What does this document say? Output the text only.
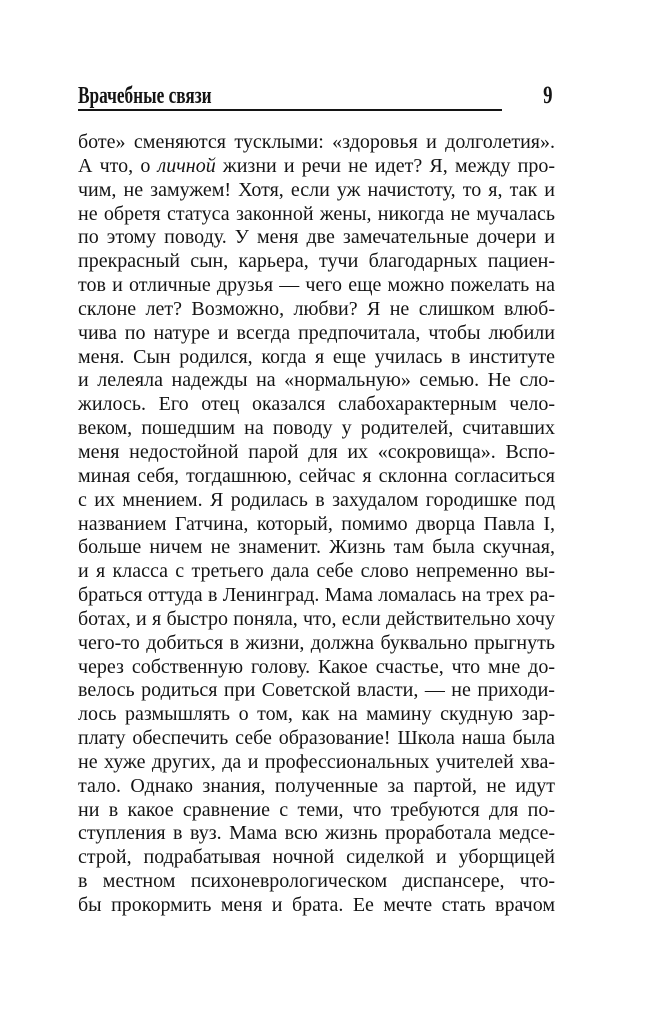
Врачебные связи	9
боте» сменяются тусклыми: «здоровья и долголетия».
А что, о личной жизни и речи не идет? Я, между про-
чим, не замужем! Хотя, если уж начистоту, то я, так и
не обретя статуса законной жены, никогда не мучалась
по этому поводу. У меня две замечательные дочери и
прекрасный сын, карьера, тучи благодарных пациен-
тов и отличные друзья — чего еще можно пожелать на
склоне лет? Возможно, любви? Я не слишком влюб-
чива по натуре и всегда предпочитала, чтобы любили
меня. Сын родился, когда я еще училась в институте
и лелеяла надежды на «нормальную» семью. Не сло-
жилось. Его отец оказался слабохарактерным чело-
веком, пошедшим на поводу у родителей, считавших
меня недостойной парой для их «сокровища». Вспо-
миная себя, тогдашнюю, сейчас я склонна согласиться
с их мнением. Я родилась в захудалом городишке под
названием Гатчина, который, помимо дворца Павла I,
больше ничем не знаменит. Жизнь там была скучная,
и я класса с третьего дала себе слово непременно вы-
браться оттуда в Ленинград. Мама ломалась на трех ра-
ботах, и я быстро поняла, что, если действительно хочу
чего-то добиться в жизни, должна буквально прыгнуть
через собственную голову. Какое счастье, что мне до-
велось родиться при Советской власти, — не приходи-
лось размышлять о том, как на мамину скудную зар-
плату обеспечить себе образование! Школа наша была
не хуже других, да и профессиональных учителей хва-
тало. Однако знания, полученные за партой, не идут
ни в какое сравнение с теми, что требуются для по-
ступления в вуз. Мама всю жизнь проработала медсе-
строй, подрабатывая ночной сиделкой и уборщицей
в местном психоневрологическом диспансере, что-
бы прокормить меня и брата. Ее мечте стать врачом
